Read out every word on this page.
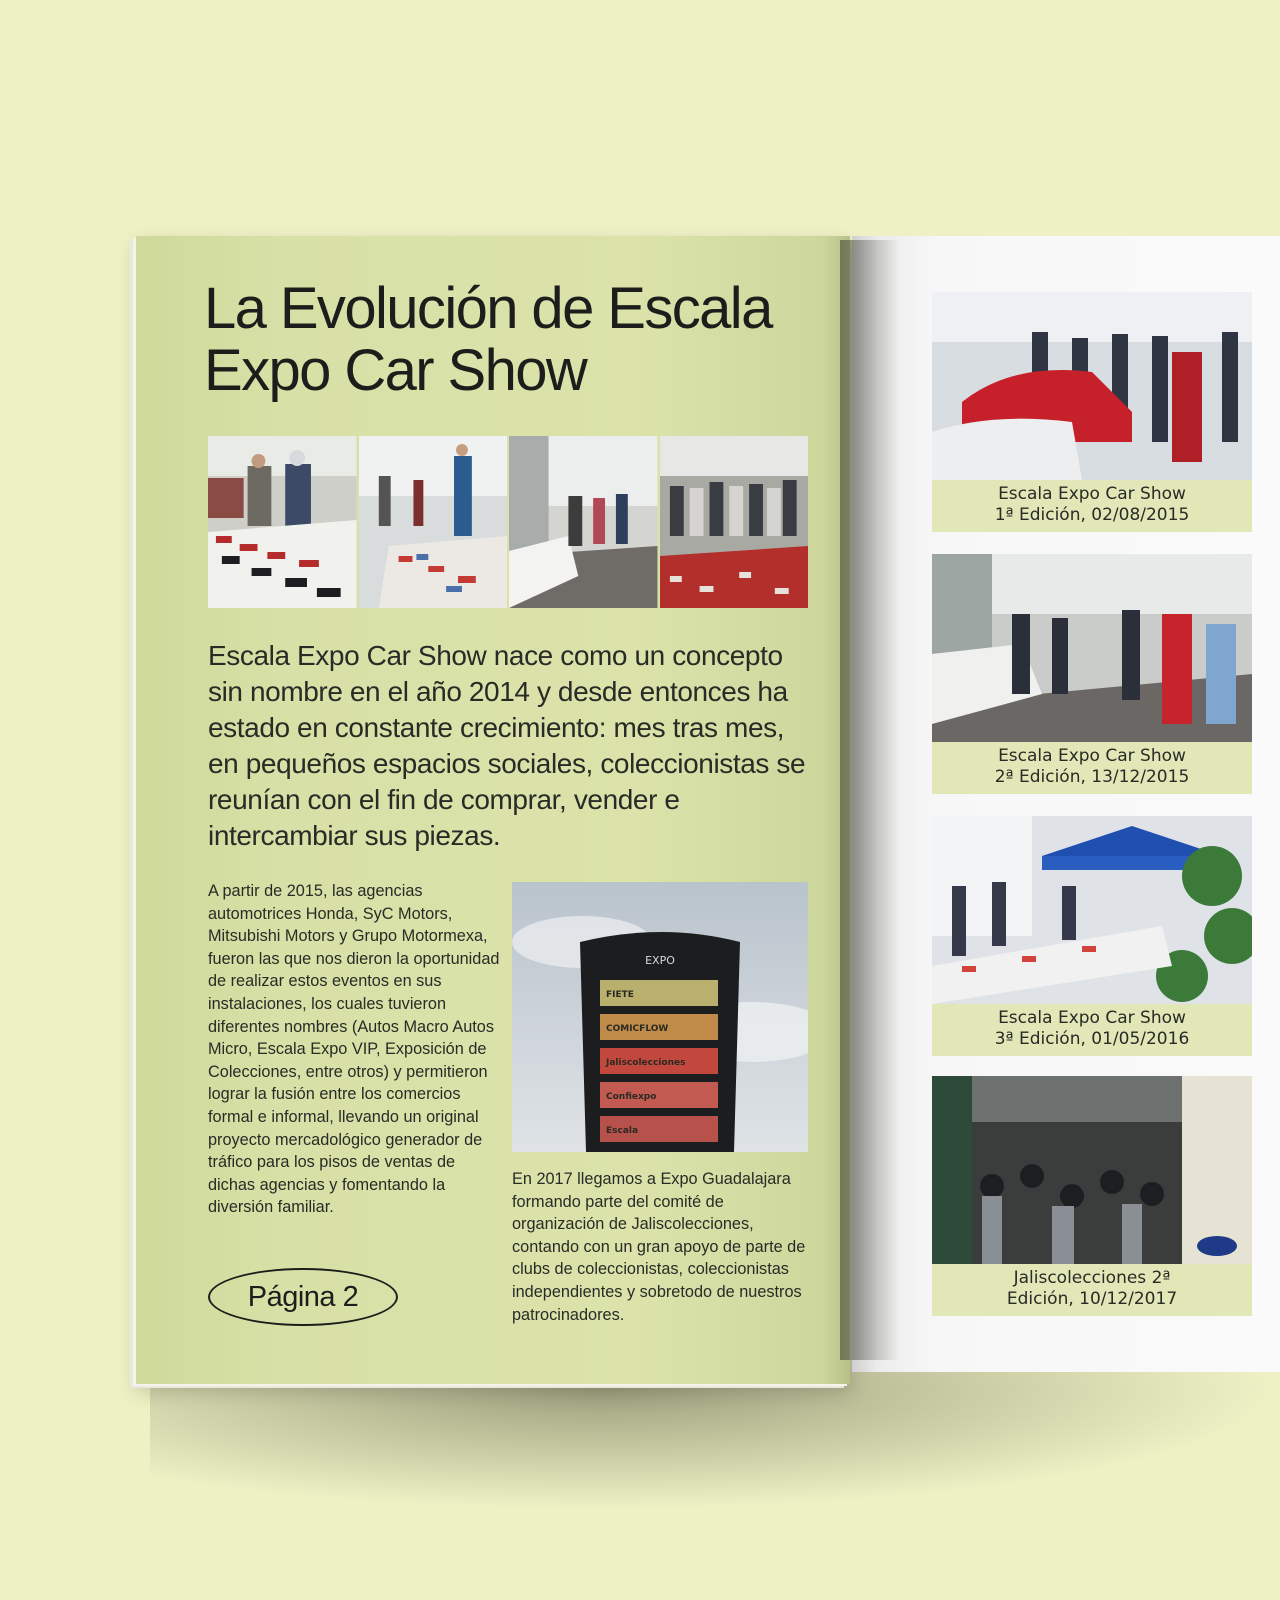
La Evolución de Escala Expo Car Show

Escala Expo Car Show nace como un concepto sin nombre en el año 2014 y desde entonces ha estado en constante crecimiento: mes tras mes, en pequeños espacios sociales, coleccionistas se reunían con el fin de comprar, vender e intercambiar sus piezas.

A partir de 2015, las agencias automotrices Honda, SyC Motors, Mitsubishi Motors y Grupo Motormexa, fueron las que nos dieron la oportunidad de realizar estos eventos en sus instalaciones, los cuales tuvieron diferentes nombres (Autos Macro Autos Micro, Escala Expo VIP, Exposición de Colecciones, entre otros) y permitieron lograr la fusión entre los comercios formal e informal, llevando un original proyecto mercadológico generador de tráfico para los pisos de ventas de dichas agencias y fomentando la diversión familiar.

EXPO
FIETE
COMICFLOW
Jaliscolecciones
Confiexpo
Escala

En 2017 llegamos a Expo Guadalajara formando parte del comité de organización de Jaliscolecciones, contando con un gran apoyo de parte de clubs de coleccionistas, coleccionistas independientes y sobretodo de nuestros patrocinadores.

Página 2
Escala Expo Car Show
1ª Edición, 02/08/2015
Escala Expo Car Show
2ª Edición, 13/12/2015
Escala Expo Car Show
3ª Edición, 01/05/2016
Jaliscolecciones 2ª
Edición, 10/12/2017
